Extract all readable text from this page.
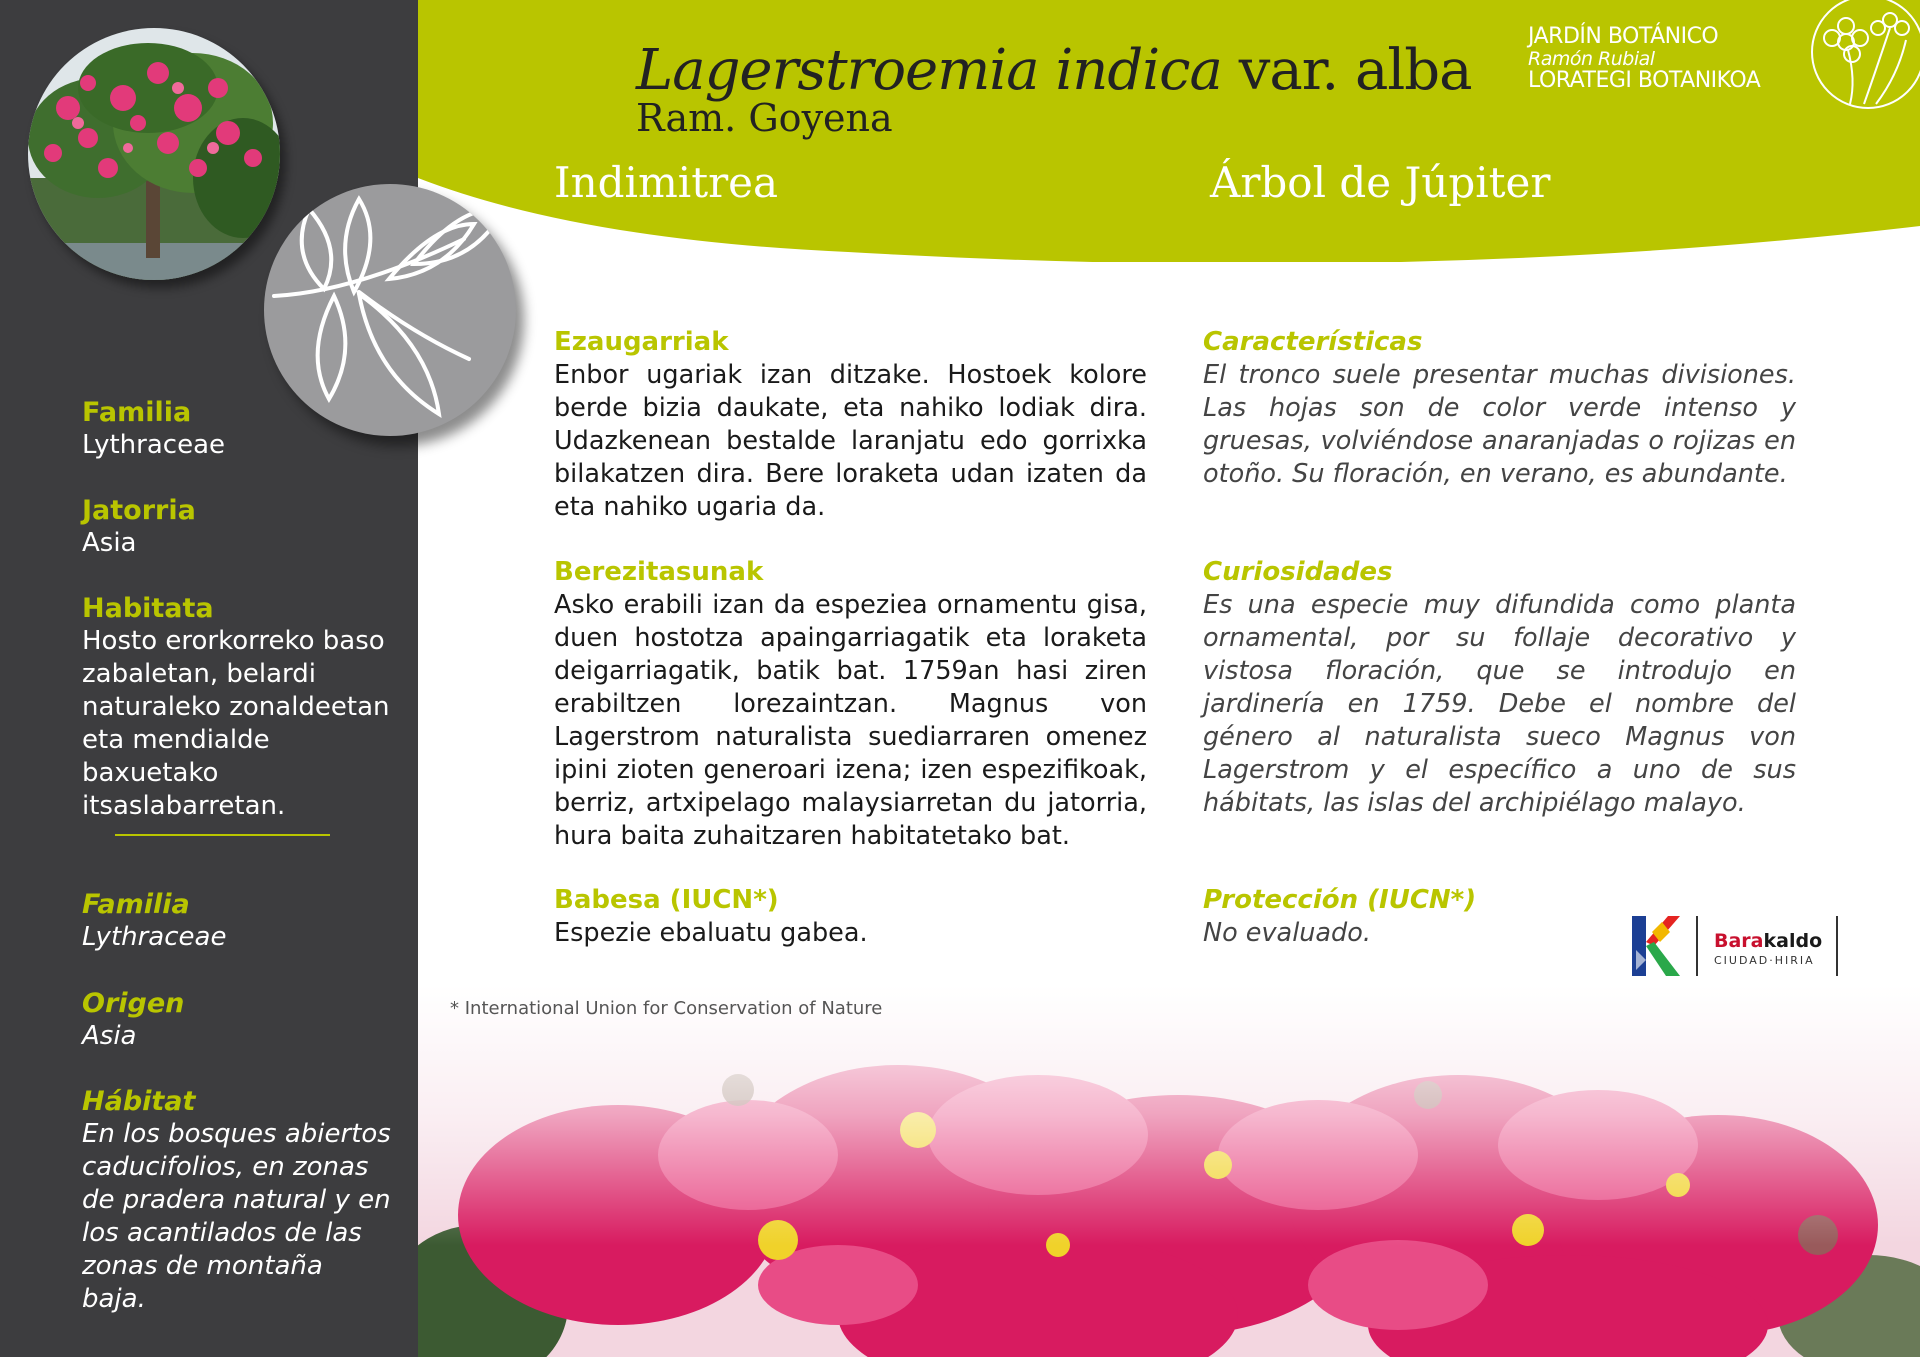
Familia
Lythraceae
Jatorria
Asia
Habitata
Hosto erorkorreko baso zabaletan, belardi naturaleko zonaldeetan eta mendialde baxuetako itsaslabarretan.
Familia
Lythraceae
Origen
Asia
Hábitat
En los bosques abiertos caducifolios, en zonas de pradera natural y en los acantilados de las zonas de montaña baja.
Lagerstroemia indica var. alba
Ram. Goyena
Indimitrea	Árbol de Júpiter
JARDÍN BOTÁNICO
Ramón Rubial
LORATEGI BOTANIKOA
Ezaugarriak

Enbor ugariak izan ditzake. Hostoek kolore berde bizia daukate, eta nahiko lodiak dira. Udazkenean bestalde laranjatu edo gorrixka bilakatzen dira. Bere loraketa udan izaten da eta nahiko ugaria da.

Berezitasunak

Asko erabili izan da espeziea ornamentu gisa, duen hostotza apaingarriagatik eta loraketa deigarriagatik, batik bat. 1759an hasi ziren erabiltzen lorezaintzan. Magnus von Lagerstrom naturalista suediarraren omenez ipini zioten generoari izena; izen espezifikoak, berriz, artxipelago malaysiarretan du jatorria, hura baita zuhaitzaren habitatetako bat.

Babesa (IUCN*)

Espezie ebaluatu gabea.

Características

El tronco suele presentar muchas divisiones. Las hojas son de color verde intenso y gruesas, volviéndose anaranjadas o rojizas en otoño. Su floración, en verano, es abundante.

Curiosidades

Es una especie muy difundida como planta ornamental, por su follaje decorativo y vistosa floración, que se introdujo en jardinería en 1759. Debe el nombre del género al naturalista sueco Magnus von Lagerstrom y el específico a uno de sus hábitats, las islas del archipiélago malayo.

Protección (IUCN*)

No evaluado.

* International Union for Conservation of Nature
Barakaldo
CIUDAD·HIRIA
